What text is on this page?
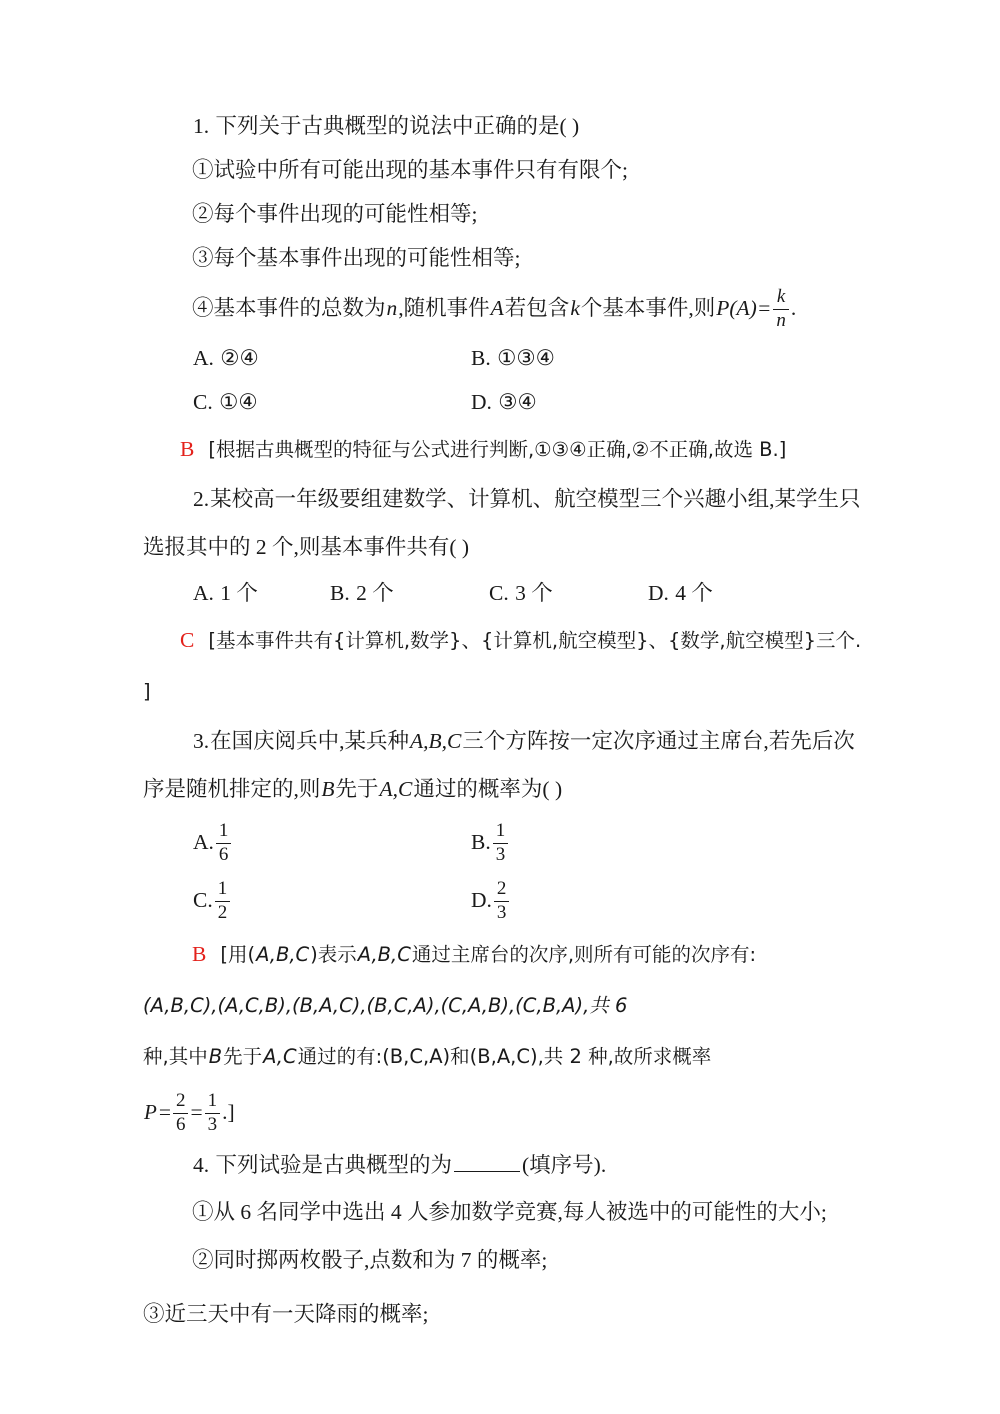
1. 下列关于古典概型的说法中正确的是( )
①试验中所有可能出现的基本事件只有有限个;
②每个事件出现的可能性相等;
③每个基本事件出现的可能性相等;
④基本事件的总数为n,随机事件A若包含k个基本事件,则$P(A)= \frac{k}{n}$ .
A. ②④	B. ①③④
C. ①④	D. ③④
B [根据古典概型的特征与公式进行判断,①③④正确,②不正确,故选 B.]
2.某校高一年级要组建数学、计算机、航空模型三个兴趣小组,某学生只选报其中的 2 个,则基本事件共有( )
A. 1 个	B. 2 个	C. 3 个	D. 4 个
C [基本事件共有{计算机,数学}、{计算机,航空模型}、{数学,航空模型}三个. ]
3.在国庆阅兵中,某兵种A,B,C三个方阵按一定次序通过主席台,若先后次序是随机排定的,则B先于A,C通过的概率为( )
A. $\frac{1}{6}$	B. $\frac{1}{3}$
C. $\frac{1}{2}$	D. $\frac{2}{3}$
B [用(A,B,C)表示A,B,C通过主席台的次序,则所有可能的次序有:
(A,B,C),(A,C,B),(B,A,C),(B,C,A),(C,A,B),(C,B,A),共 6
种,其中B先于A,C通过的有:(B,C,A)和(B,A,C),共 2 种,故所求概率
$P= \frac{2}{6} = \frac{1}{3}$ .]
4. 下列试验是古典概型的为	(填序号).
①从 6 名同学中选出 4 人参加数学竞赛,每人被选中的可能性的大小;
②同时掷两枚骰子,点数和为 7 的概率;
③近三天中有一天降雨的概率;
